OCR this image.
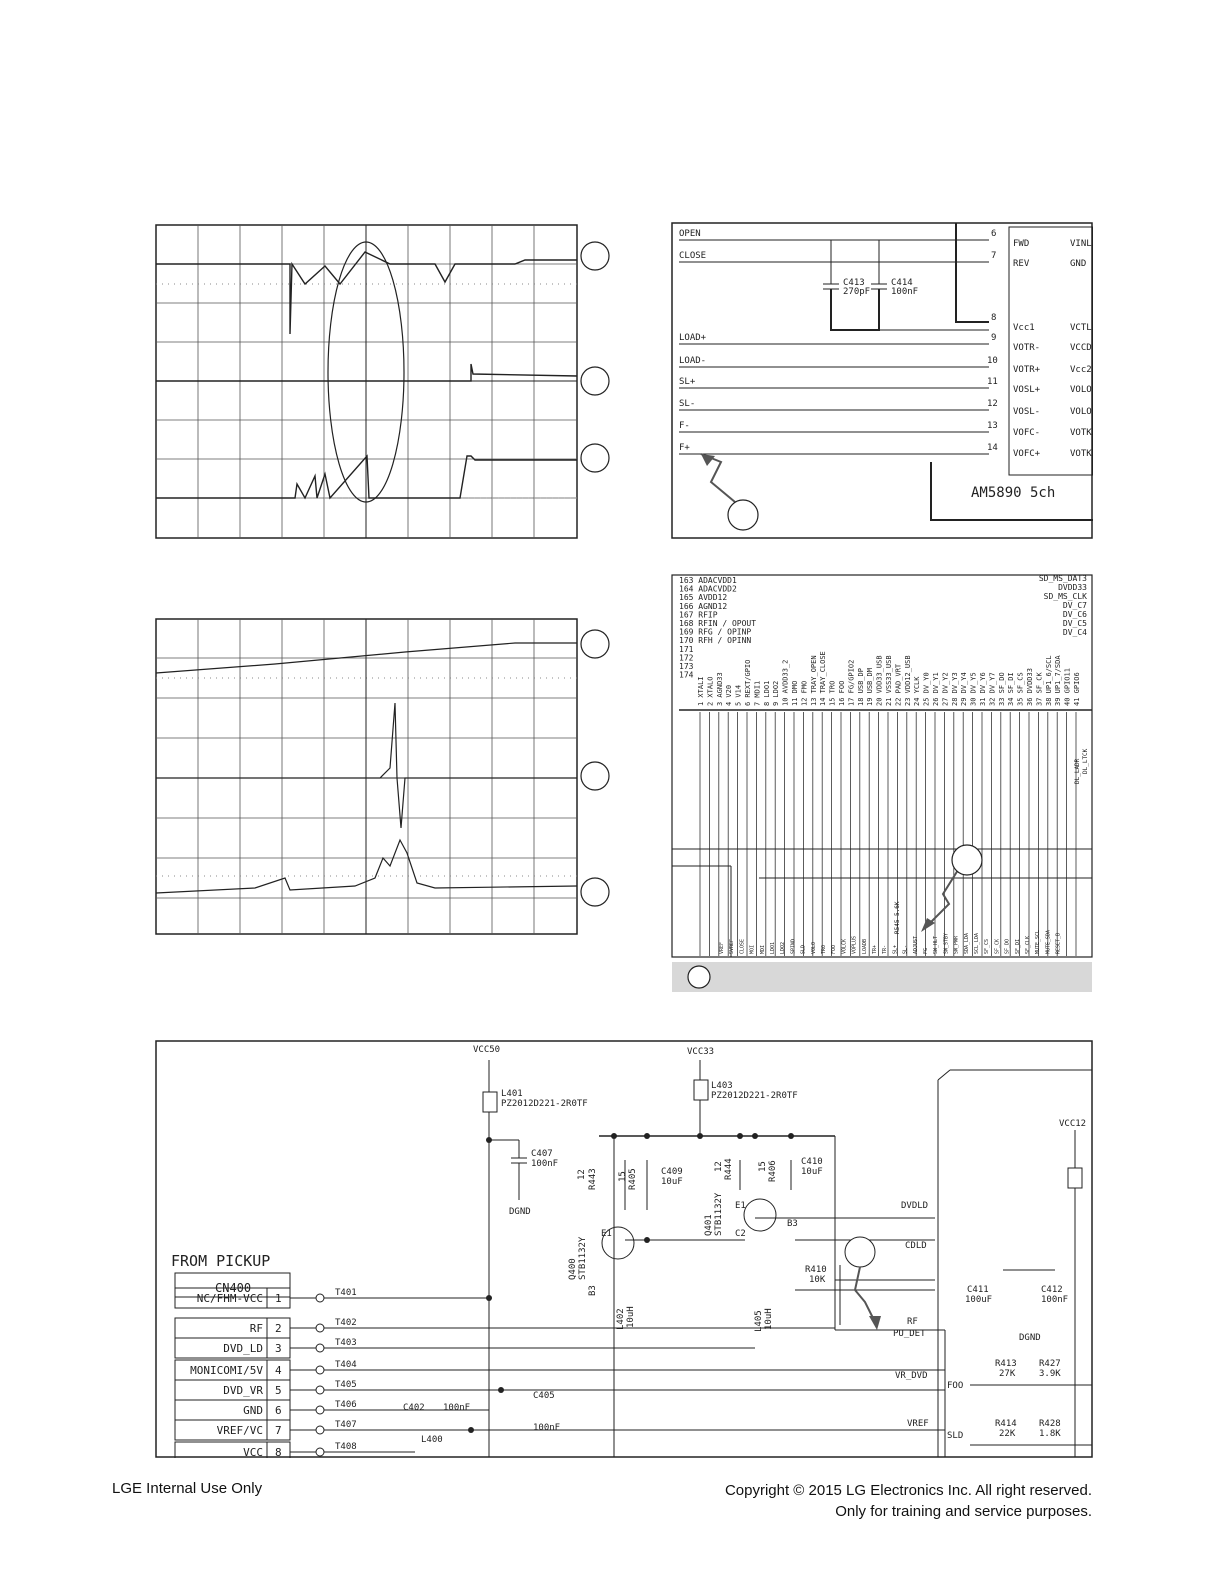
OPEN
CLOSE
LOAD+
LOAD-
SL+
SL-
F-
F+
6
7
8
9
10
11
12
13
14
FWD
REV
Vcc1
VOTR-
VOTR+
VOSL+
VOSL-
VOFC-
VOFC+
VINL
GND
VCTL
VCCD
Vcc2
VOLO
VOLO
VOTK
VOTK
C413
270pF
C414
100nF
AM5890 5ch
163 ADACVDD1
164 ADACVDD2
165 AVDD12
166 AGND12
167 RFIP
168 RFIN / OPOUT
169 RFG / OPINP
170 RFH / OPINN
171
172
173
174
SD_MS_DAT3
DVDD33
SD_MS_CLK
DV_C7
DV_C6
DV_C5
DV_C4
1 XTALI 2 XTALO 3 AGND33 4 V20 5 V14 6 REXT/GPIO 7 MDI1 8 LDO1 9 LDO2 10 AVDD33_2 11 DMO 12 FMO 13 TRAY_OPEN 14 TRAY_CLOSE 15 TRO 16 FOO 17 FG/GPIO2 18 USB_DP 19 USB_DM 20 VDD33_USB 21 VSS33_USB 22 PAD_VRT 23 VDD12_USB 24 YCLK 25 DV_Y0 26 DV_Y1 27 DV_Y2 28 DV_Y3 29 DV_Y4 30 DV_Y5 31 DV_Y6 32 DV_Y7 33 SF_DO 34 SF_DI 35 SF_CS 36 DVDD33 37 SF_CK 38 UP1_6/SCL 39 UP1_7/SDA 40 GPIO11 41 GPIO6
VREF SVREF CLOSE MOI MDI LDO1 LDO2 SPIND SLD VOLO TRO FOO VOLCK VOPLUS LOADB TR+ TR- SL+ SL- ADJUST FG SW_HLT SW_STBY SW_PWR SDA_LDA SCL_LDA SF_CS SF_CK SF_DO SF_DI SF_CLK MUTE_SCL MUTE_SDA RESET_B
R545 5.6K
DL_LADR DL_LTCK
FROM PICKUP
CN400
NC/FHM-VCC 1	T401
RF 2	T402
DVD_LD 3	T403
MONICOMI/5V 4	T404
DVD_VR 5	T405
GND 6	T406
VREF/VC 7	T407
VCC 8	T408
VCC50	VCC33
VCC12
L401
PZ2012D221-2R0TF
L403
PZ2012D221-2R0TF
C407
100nF
DGND
C409
10uF
C410
10uF
E1
E1
B3
R410
10K
DVDLD
CDLD
RF
PU_DET
VR_DVD
VREF
C411
100uF
C412
100nF
DGND
R413
27K
R427
3.9K
R414
22K
R428
1.8K
FOO
SLD
C402 100nF
C405
100nF
L400
12 R443 15 R405
12 R444	15 R406
Q400 STB1132Y
Q401 STB1132Y
L402 10uH	L405 10uH
B3
C2
LGE Internal Use Only	Copyright © 2015 LG Electronics Inc. All right reserved.
Only for training and service purposes.
